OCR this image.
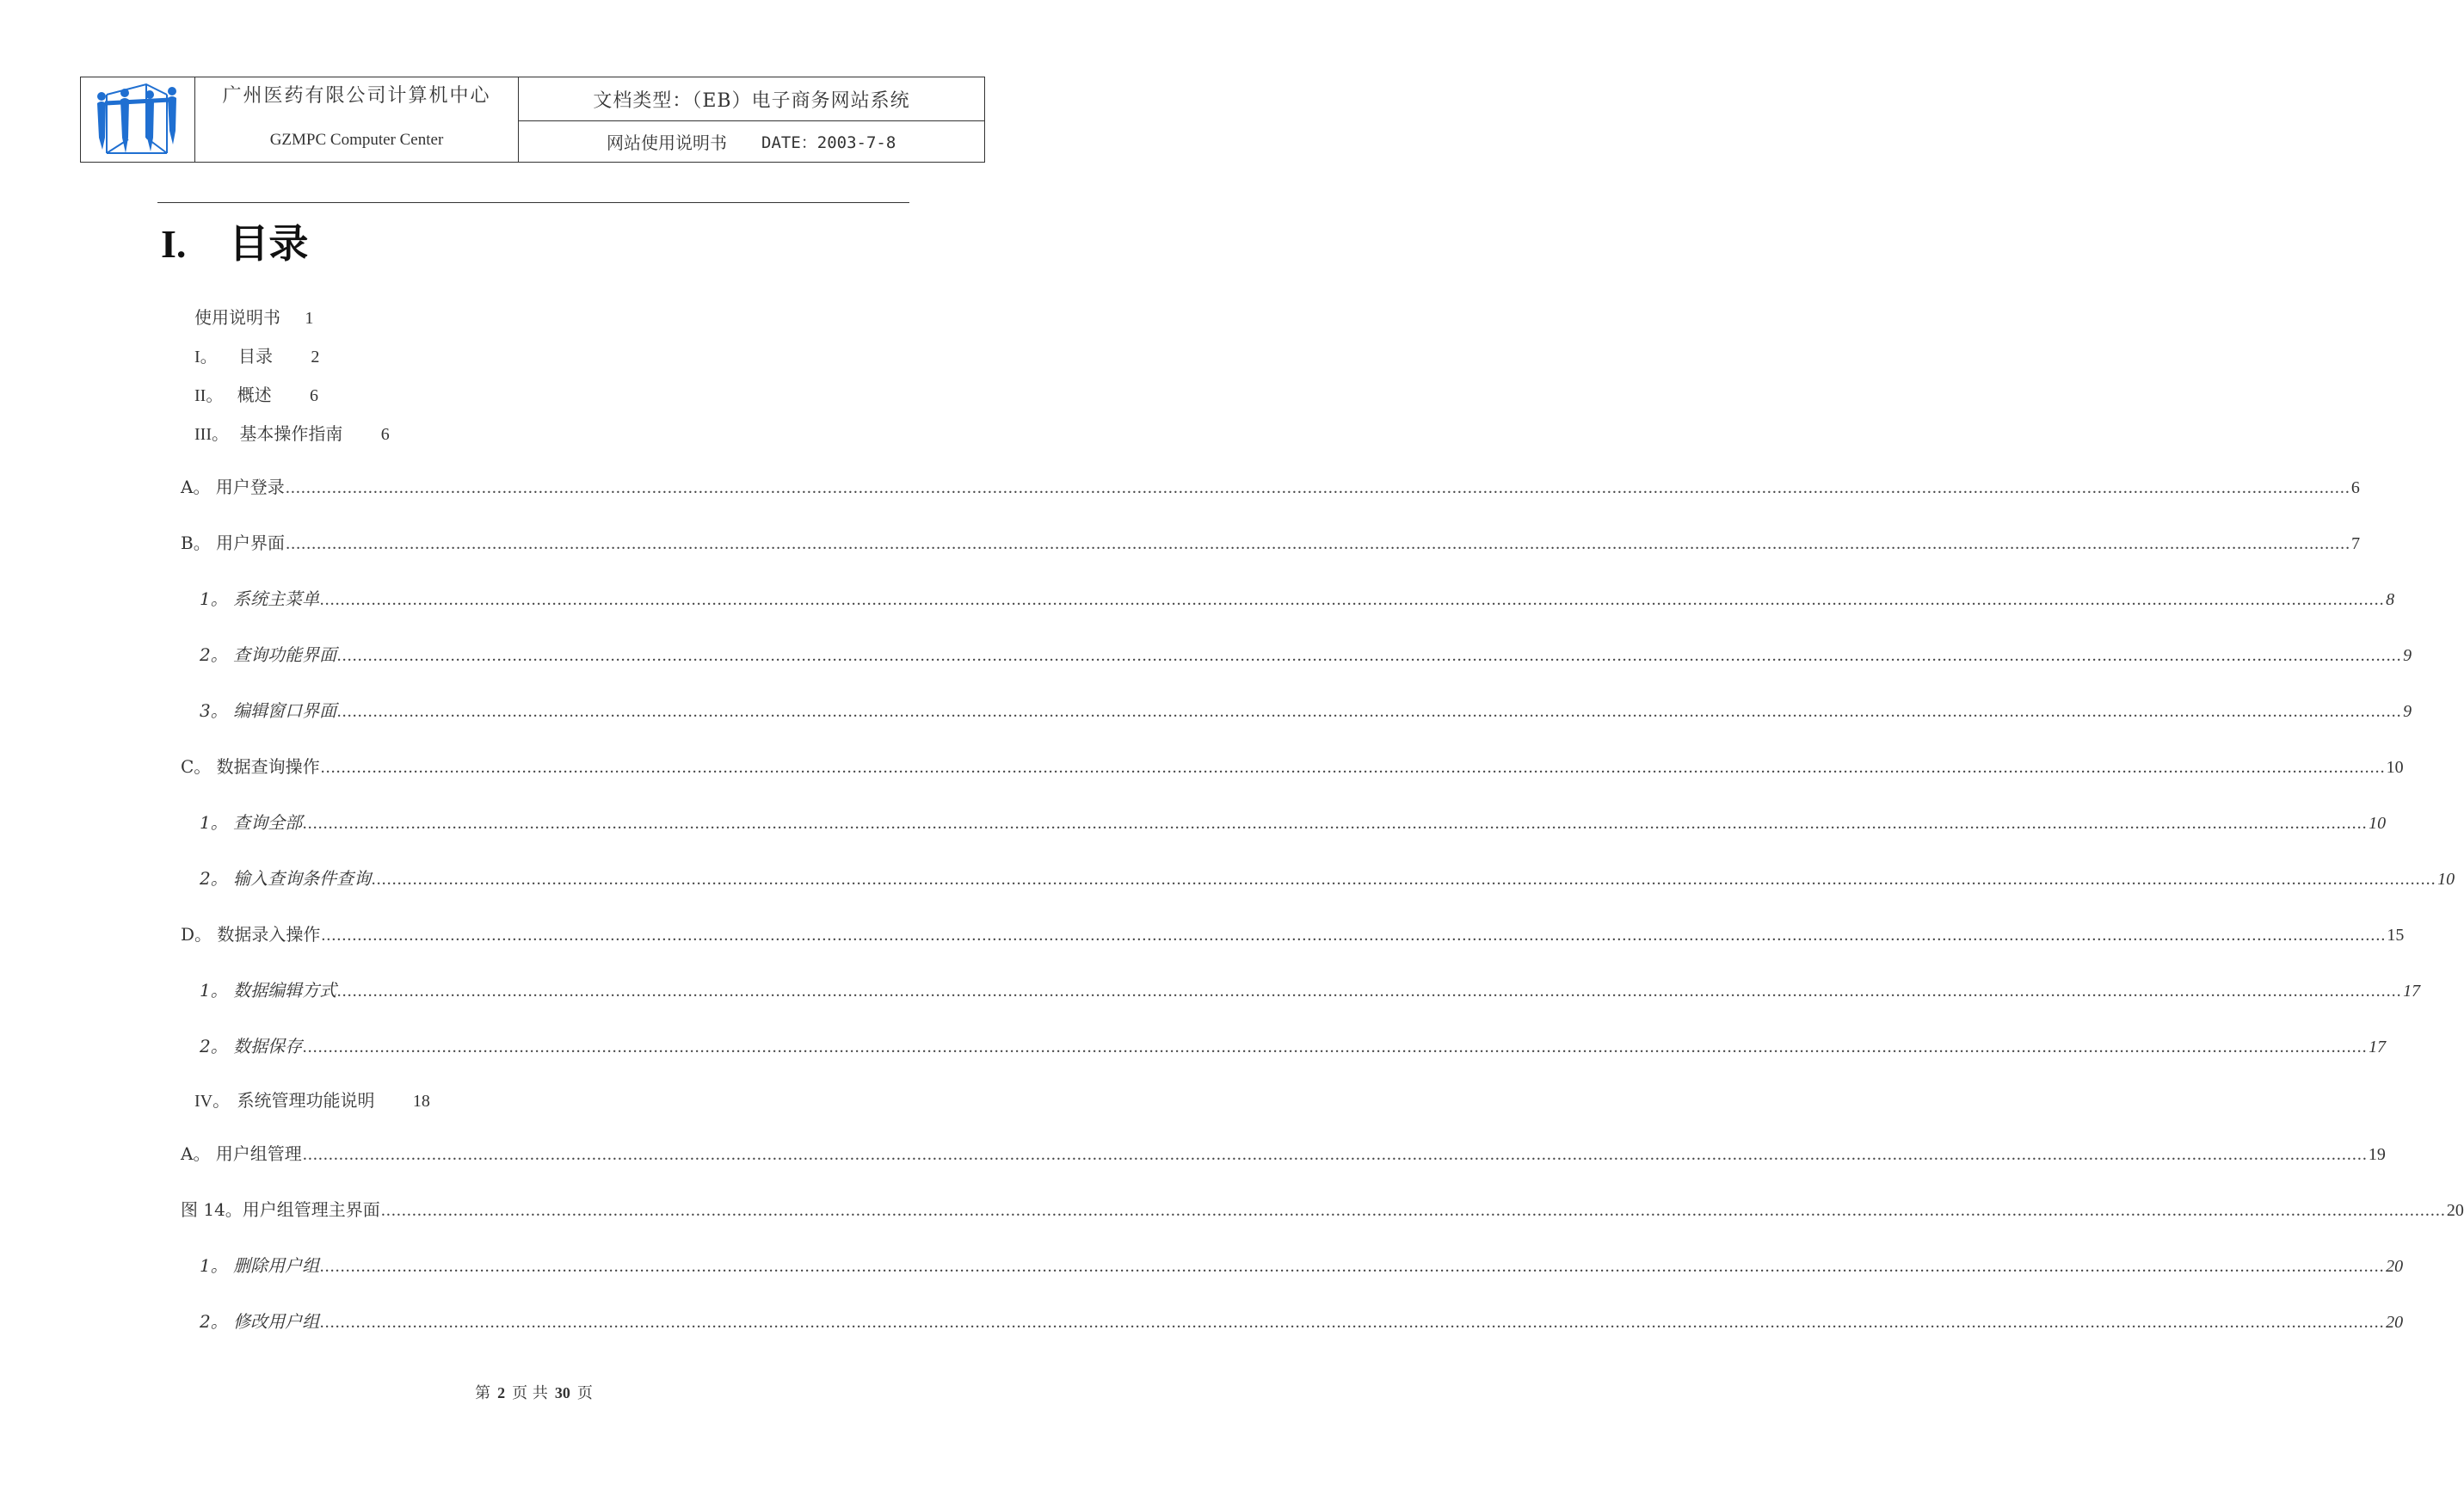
广州医药有限公司计算机中心
GZMPC Computer Center
文档类型：（EB）电子商务网站系统
网站使用说明书 DATE：2003-7-8
I. 目录
使用说明书 1
I。 目录 2
II。 概述 6
III。 基本操作指南 6
A。 用户登录 ................................................................................................................................................................................................................................................................................................................................................................................................................ 6
B。 用户界面 ................................................................................................................................................................................................................................................................................................................................................................................................................ 7
1。 系统主菜单 ................................................................................................................................................................................................................................................................................................................................................................................................................ 8
2。 查询功能界面 ................................................................................................................................................................................................................................................................................................................................................................................................................ 9
3。 编辑窗口界面 ................................................................................................................................................................................................................................................................................................................................................................................................................ 9
C。 数据查询操作 ................................................................................................................................................................................................................................................................................................................................................................................................................ 10
1。 查询全部 ................................................................................................................................................................................................................................................................................................................................................................................................................ 10
2。 输入查询条件查询 ................................................................................................................................................................................................................................................................................................................................................................................................................ 10
D。 数据录入操作 ................................................................................................................................................................................................................................................................................................................................................................................................................ 15
1。 数据编辑方式 ................................................................................................................................................................................................................................................................................................................................................................................................................ 17
2。 数据保存 ................................................................................................................................................................................................................................................................................................................................................................................................................ 17
IV。 系统管理功能说明 18
A。 用户组管理 ................................................................................................................................................................................................................................................................................................................................................................................................................ 19
图 14。用户组管理主界面 ................................................................................................................................................................................................................................................................................................................................................................................................................ 20
1。 删除用户组 ................................................................................................................................................................................................................................................................................................................................................................................................................ 20
2。 修改用户组 ................................................................................................................................................................................................................................................................................................................................................................................................................ 20
第 2 页 共 30 页
